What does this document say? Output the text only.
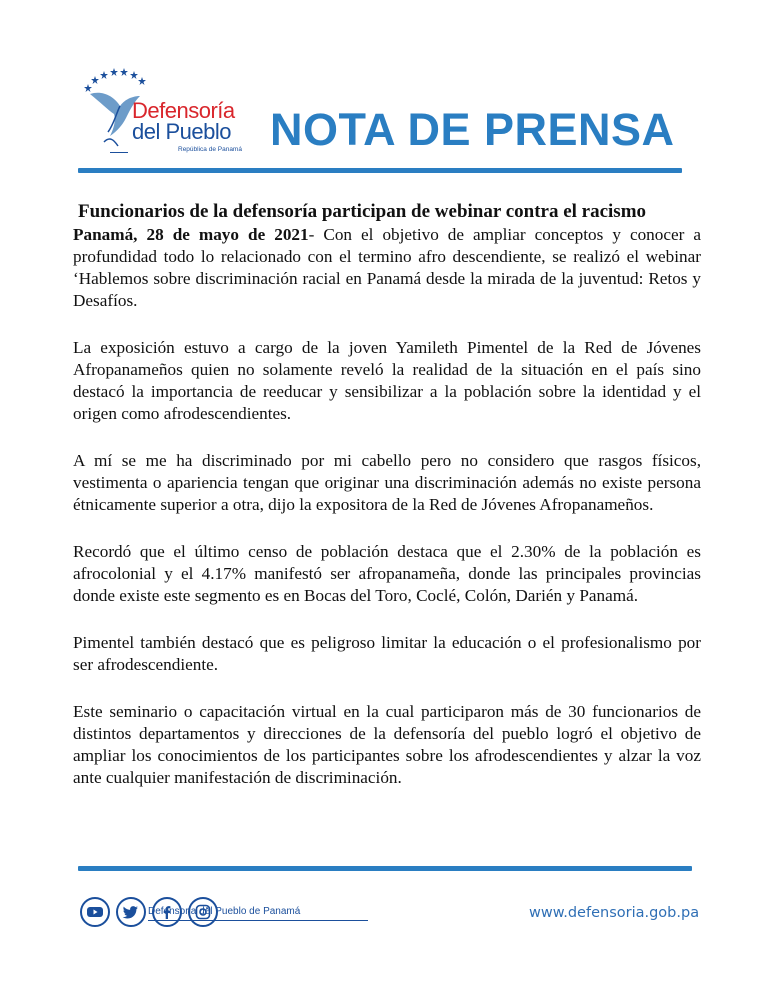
Defensoría
del Pueblo
República de Panamá NOTA DE PRENSA
Funcionarios de la defensoría participan de webinar contra el racismo

Panamá, 28 de mayo de 2021- Con el objetivo de ampliar conceptos y conocer a profundidad todo lo relacionado con el termino afro descendiente, se realizó el webinar ‘Hablemos sobre discriminación racial en Panamá desde la mirada de la juventud: Retos y Desafíos.

La exposición estuvo a cargo de la joven Yamileth Pimentel de la Red de Jóvenes Afropanameños quien no solamente reveló la realidad de la situación en el país sino destacó la importancia de reeducar y sensibilizar a la población sobre la identidad y el origen como afrodescendientes.

A mí se me ha discriminado por mi cabello pero no considero que rasgos físicos, vestimenta o apariencia tengan que originar una discriminación además no existe persona étnicamente superior a otra, dijo la expositora de la Red de Jóvenes Afropanameños.

Recordó que el último censo de población destaca que el 2.30% de la población es afrocolonial y el 4.17% manifestó ser afropanameña, donde las principales provincias donde existe este segmento es en Bocas del Toro, Coclé, Colón, Darién y Panamá.

Pimentel también destacó que es peligroso limitar la educación o el profesionalismo por ser afrodescendiente.

Este seminario o capacitación virtual en la cual participaron más de 30 funcionarios de distintos departamentos y direcciones de la defensoría del pueblo logró el objetivo de ampliar los conocimientos de los participantes sobre los afrodescendientes y alzar la voz ante cualquier manifestación de discriminación.

Defensoria del Pueblo de Panamá	www.defensoria.gob.pa
